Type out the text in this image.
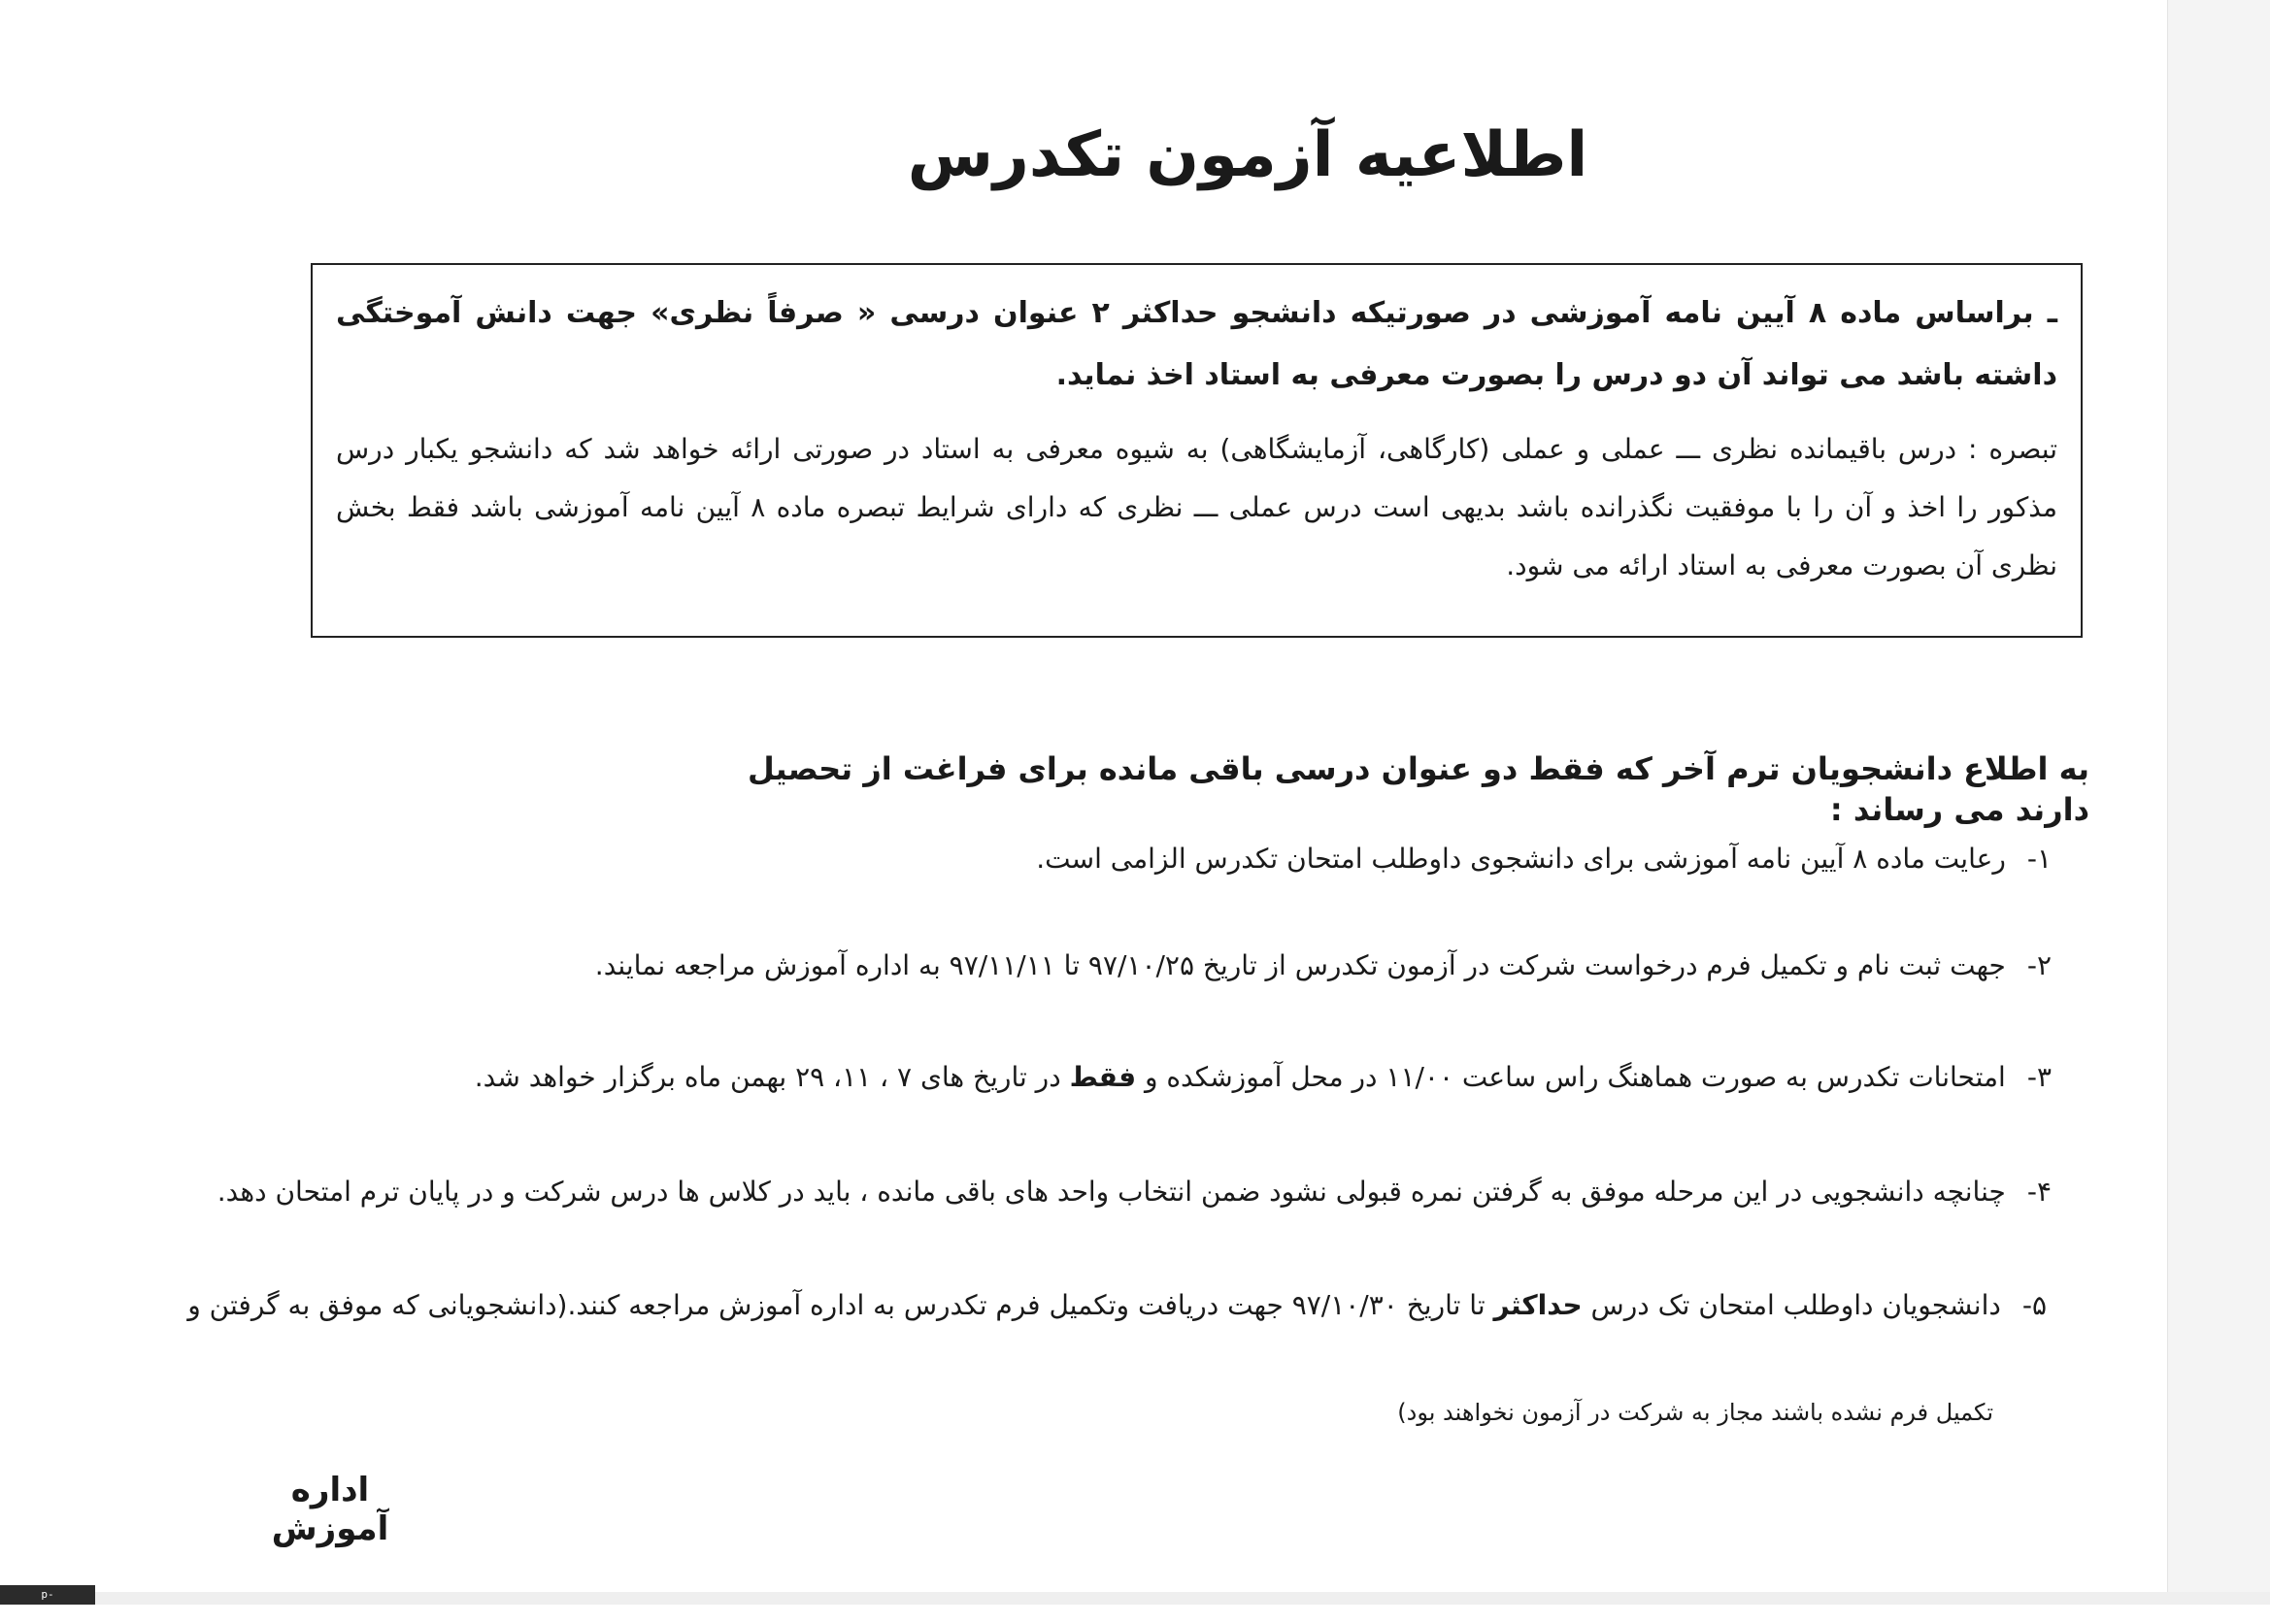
اطلاعیه آزمون تکدرس
ـ براساس ماده ۸ آیین نامه آموزشی در صورتیکه دانشجو حداکثر ۲ عنوان درسی « صرفاً نظری» جهت دانش آموختگی داشته باشد می تواند آن دو درس را بصورت معرفی به استاد اخذ نماید.
تبصره : درس باقیمانده نظری ـــ عملی و عملی (کارگاهی، آزمایشگاهی) به شیوه معرفی به استاد در صورتی ارائه خواهد شد که دانشجو یکبار درس مذکور را اخذ و آن را با موفقیت نگذرانده باشد بدیهی است درس عملی ـــ نظری که دارای شرایط تبصره ماده ۸ آیین نامه آموزشی باشد فقط بخش نظری آن بصورت معرفی به استاد ارائه می شود.
به اطلاع دانشجویان ترم آخر که فقط دو عنوان درسی باقی مانده برای فراغت از تحصیل دارند می رساند :
۱-رعایت ماده ۸ آیین نامه آموزشی برای دانشجوی داوطلب امتحان تکدرس الزامی است.
۲-جهت ثبت نام و تکمیل فرم درخواست شرکت در آزمون تکدرس از تاریخ ۹۷/۱۰/۲۵ تا ۹۷/۱۱/۱۱ به اداره آموزش مراجعه نمایند.
۳-امتحانات تکدرس به صورت هماهنگ راس ساعت ۱۱/۰۰ در محل آموزشکده و فقط در تاریخ های ۷ ، ۱۱، ۲۹ بهمن ماه برگزار خواهد شد.
۴-چنانچه دانشجویی در این مرحله موفق به گرفتن نمره قبولی نشود ضمن انتخاب واحد های باقی مانده ، باید در کلاس ها درس شرکت و در پایان ترم امتحان دهد.
۵-دانشجویان داوطلب امتحان تک درس حداکثر تا تاریخ ۹۷/۱۰/۳۰ جهت دریافت وتکمیل فرم تکدرس به اداره آموزش مراجعه کنند.(دانشجویانی که موفق به گرفتن و
تکمیل فرم نشده باشند مجاز به شرکت در آزمون نخواهند بود)
اداره آموزش
p-sarab.tvu.ac.ir
